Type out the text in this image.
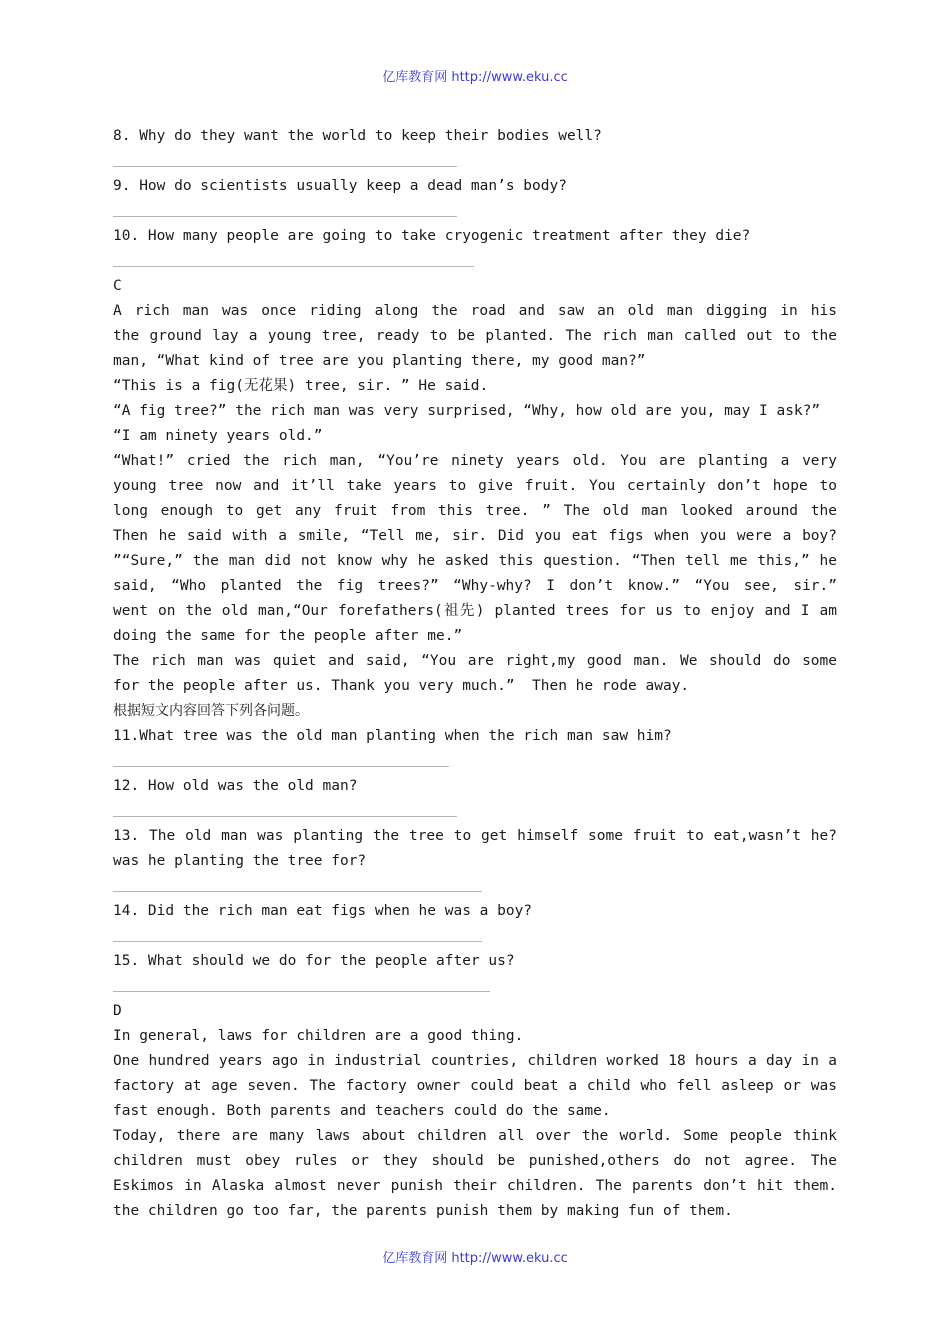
亿库教育网 http://www.eku.cc
8. Why do they want the world to keep their bodies well?
9. How do scientists usually keep a dead man’s body?
10. How many people are going to take cryogenic treatment after they die?
C
A rich man was once riding along the road and saw an old man digging in his
the ground lay a young tree, ready to be planted. The rich man called out to the
man, “What kind of tree are you planting there, my good man?”
“This is a fig(无花果) tree, sir. ” He said.
“A fig tree?” the rich man was very surprised, “Why, how old are you, may I ask?”
“I am ninety years old.”
“What!” cried the rich man, “You’re ninety years old. You are planting a very
young tree now and it’ll take years to give fruit. You certainly don’t hope to
long enough to get any fruit from this tree. ” The old man looked around the
Then he said with a smile, “Tell me, sir. Did you eat figs when you were a boy?
”“Sure,” the man did not know why he asked this question. “Then tell me this,” he
said, “Who planted the fig trees?” “Why-why? I don’t know.” “You see, sir.”
went on the old man,“Our forefathers(祖先) planted trees for us to enjoy and I am
doing the same for the people after me.”
The rich man was quiet and said, “You are right,my good man. We should do some
for the people after us. Thank you very much.”  Then he rode away.
根据短文内容回答下列各问题。
11.What tree was the old man planting when the rich man saw him?
12. How old was the old man?
13. The old man was planting the tree to get himself some fruit to eat,wasn’t he?
was he planting the tree for?
14. Did the rich man eat figs when he was a boy?
15. What should we do for the people after us?
D
In general, laws for children are a good thing.
One hundred years ago in industrial countries, children worked 18 hours a day in a
factory at age seven. The factory owner could beat a child who fell asleep or was
fast enough. Both parents and teachers could do the same.
Today, there are many laws about children all over the world. Some people think
children must obey rules or they should be punished,others do not agree. The
Eskimos in Alaska almost never punish their children. The parents don’t hit them.
the children go too far, the parents punish them by making fun of them.
亿库教育网 http://www.eku.cc
